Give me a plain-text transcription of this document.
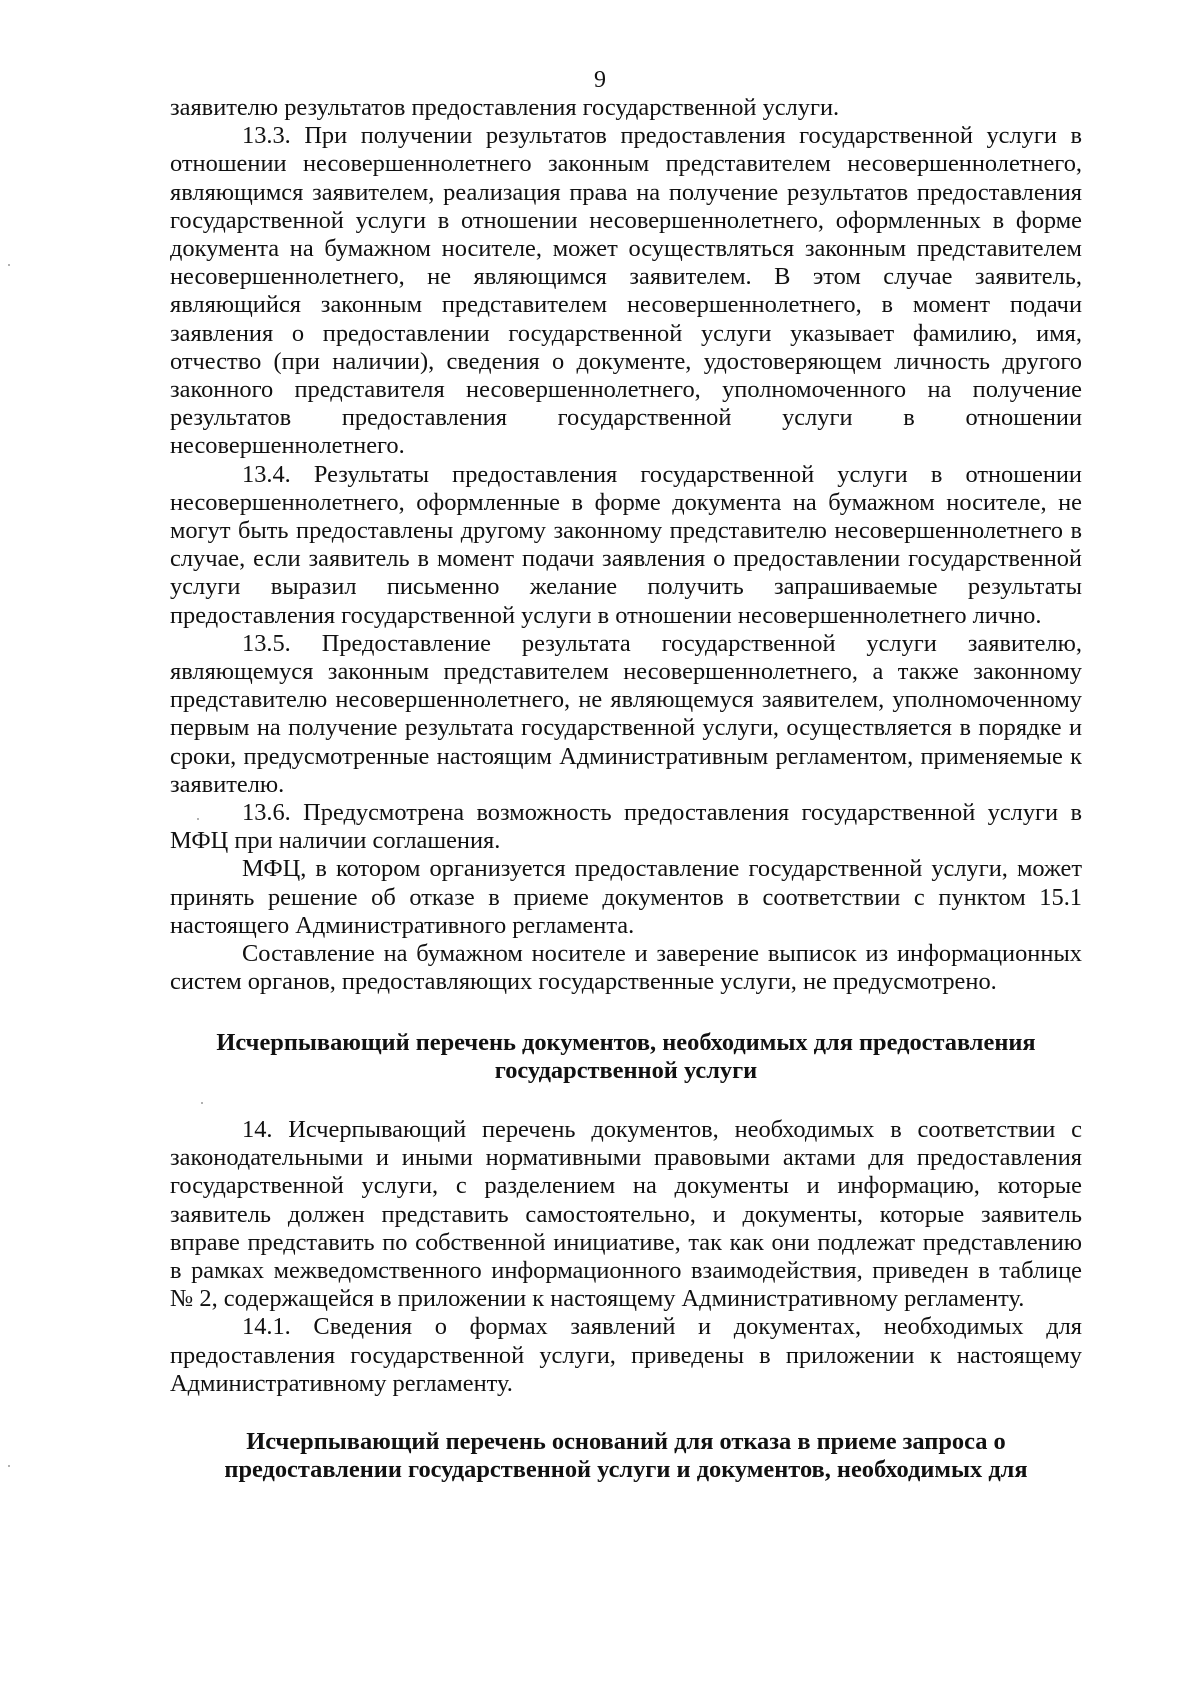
9

заявителю результатов предоставления государственной услуги.

13.3. При получении результатов предоставления государственной услуги в отношении несовершеннолетнего законным представителем несовершеннолетнего, являющимся заявителем, реализация права на получение результатов предоставления государственной услуги в отношении несовершеннолетнего, оформленных в форме документа на бумажном носителе, может осуществляться законным представителем несовершеннолетнего, не являющимся заявителем. В этом случае заявитель, являющийся законным представителем несовершеннолетнего, в момент подачи заявления о предоставлении государственной услуги указывает фамилию, имя, отчество (при наличии), сведения о документе, удостоверяющем личность другого законного представителя несовершеннолетнего, уполномоченного на получение результатов предоставления государственной услуги в отношении несовершеннолетнего.

13.4. Результаты предоставления государственной услуги в отношении несовершеннолетнего, оформленные в форме документа на бумажном носителе, не могут быть предоставлены другому законному представителю несовершеннолетнего в случае, если заявитель в момент подачи заявления о предоставлении государственной услуги выразил письменно желание получить запрашиваемые результаты предоставления государственной услуги в отношении несовершеннолетнего лично.

13.5. Предоставление результата государственной услуги заявителю, являющемуся законным представителем несовершеннолетнего, а также законному представителю несовершеннолетнего, не являющемуся заявителем, уполномоченному первым на получение результата государственной услуги, осуществляется в порядке и сроки, предусмотренные настоящим Административным регламентом, применяемые к заявителю.

13.6. Предусмотрена возможность предоставления государственной услуги в МФЦ при наличии соглашения.

МФЦ, в котором организуется предоставление государственной услуги, может принять решение об отказе в приеме документов в соответствии с пунктом 15.1 настоящего Административного регламента.

Составление на бумажном носителе и заверение выписок из информационных систем органов, предоставляющих государственные услуги, не предусмотрено.

Исчерпывающий перечень документов, необходимых для предоставления государственной услуги

14. Исчерпывающий перечень документов, необходимых в соответствии с законодательными и иными нормативными правовыми актами для предоставления государственной услуги, с разделением на документы и информацию, которые заявитель должен представить самостоятельно, и документы, которые заявитель вправе представить по собственной инициативе, так как они подлежат представлению в рамках межведомственного информационного взаимодействия, приведен в таблице № 2, содержащейся в приложении к настоящему Административному регламенту.

14.1. Сведения о формах заявлений и документах, необходимых для предоставления государственной услуги, приведены в приложении к настоящему Административному регламенту.

Исчерпывающий перечень оснований для отказа в приеме запроса о предоставлении государственной услуги и документов, необходимых для
